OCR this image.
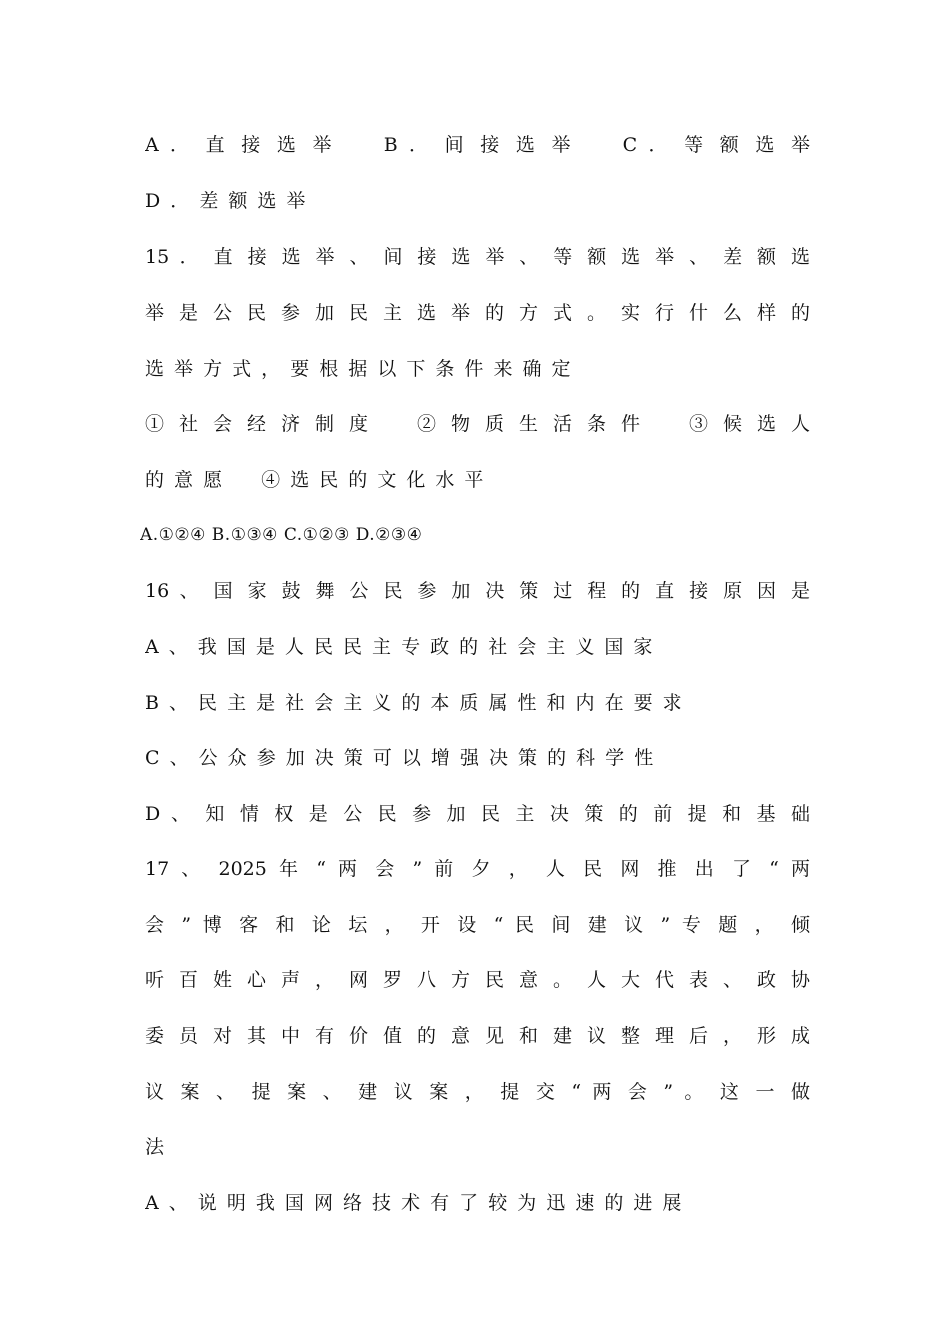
A ． 直 接 选 举 　 B ． 间 接 选 举 　 C ． 等 额 选 举
D ． 差 额 选 举
15 ． 直 接 选 举 、 间 接 选 举 、 等 额 选 举 、 差 额 选
举 是 公 民 参 加 民 主 选 举 的 方 式 。 实 行 什 么 样 的
选 举 方 式 ， 要 根 据 以 下 条 件 来 确 定
① 社 会 经 济 制 度 　 ② 物 质 生 活 条 件 　 ③ 候 选 人
的 意 愿 　 ④ 选 民 的 文 化 水 平
A.①②④ B.①③④ C.①②③ D.②③④
16 、 国 家 鼓 舞 公 民 参 加 决 策 过 程 的 直 接 原 因 是
A 、 我 国 是 人 民 民 主 专 政 的 社 会 主 义 国 家
B 、 民 主 是 社 会 主 义 的 本 质 属 性 和 内 在 要 求
C 、 公 众 参 加 决 策 可 以 增 强 决 策 的 科 学 性
D 、 知 情 权 是 公 民 参 加 民 主 决 策 的 前 提 和 基 础
17 、 2025 年 “ 两 会 ” 前 夕 ， 人 民 网 推 出 了 “ 两
会 ” 博 客 和 论 坛 ， 开 设 “ 民 间 建 议 ” 专 题 ， 倾
听 百 姓 心 声 ， 网 罗 八 方 民 意 。 人 大 代 表 、 政 协
委 员 对 其 中 有 价 值 的 意 见 和 建 议 整 理 后 ， 形 成
议 案 、 提 案 、 建 议 案 ， 提 交 “ 两 会 ” 。 这 一 做
法
A 、 说 明 我 国 网 络 技 术 有 了 较 为 迅 速 的 进 展
